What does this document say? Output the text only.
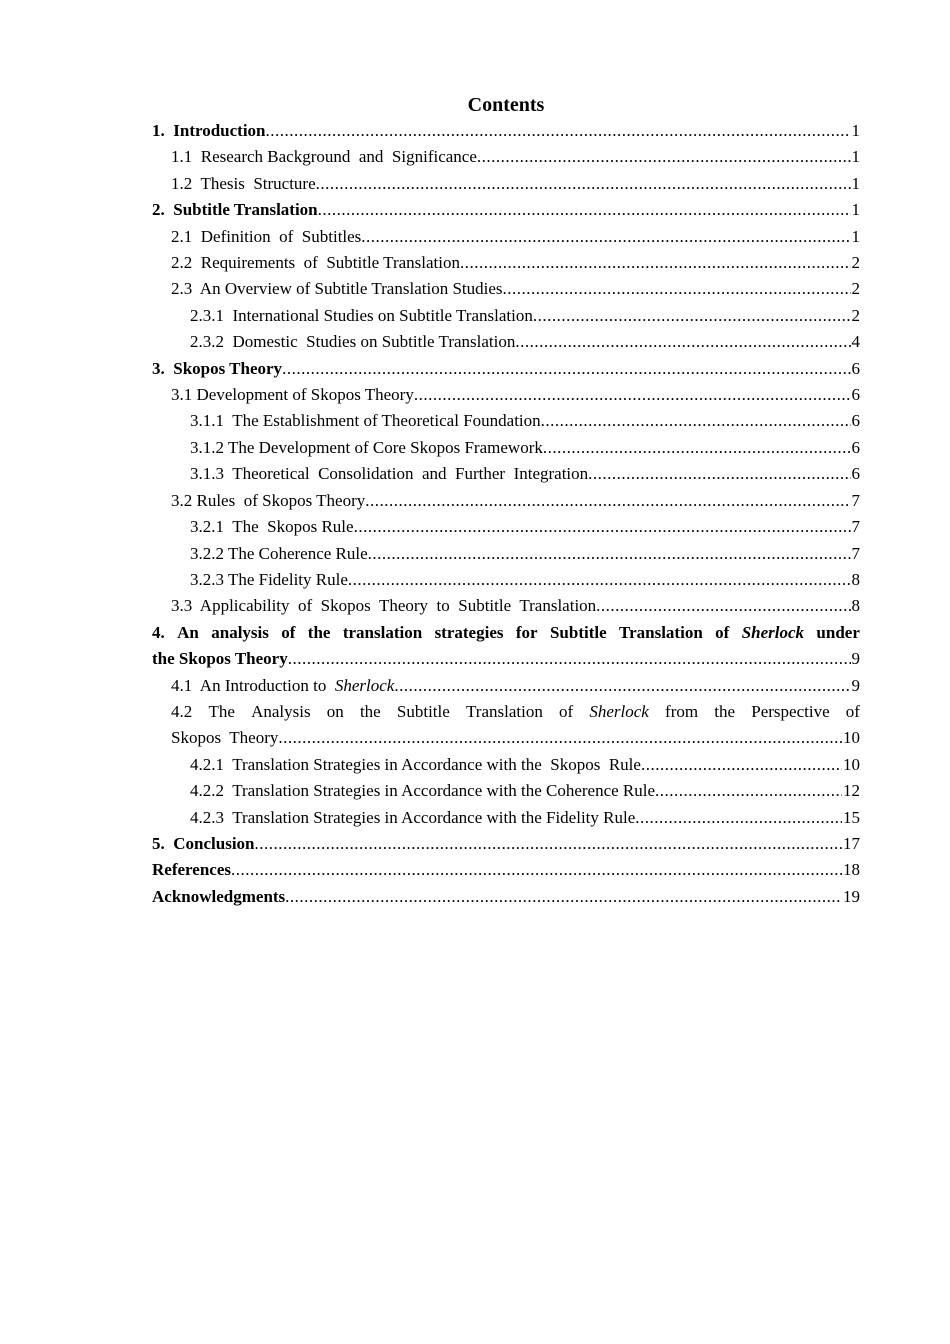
Contents
1.  Introduction .....	1
1.1  Research Background  and  Significance .....	1
1.2  Thesis  Structure .....	1
2.  Subtitle Translation .....	1
2.1  Definition  of  Subtitles .....	1
2.2  Requirements  of  Subtitle Translation .....	2
2.3  An Overview of Subtitle Translation Studies .....	2
2.3.1  International Studies on Subtitle Translation .....	2
2.3.2  Domestic  Studies on Subtitle Translation .....	4
3.  Skopos Theory .....	6
3.1 Development of Skopos Theory .....	6
3.1.1  The Establishment of Theoretical Foundation .....	6
3.1.2 The Development of Core Skopos Framework .....	6
3.1.3  Theoretical  Consolidation  and  Further  Integration .....	6
3.2 Rules  of Skopos Theory .....	7
3.2.1  The  Skopos Rule .....	7
3.2.2 The Coherence Rule .....	7
3.2.3 The Fidelity Rule .....	8
3.3  Applicability  of  Skopos  Theory  to  Subtitle  Translation .....	8
4. An analysis of the translation strategies for Subtitle Translation of Sherlock under
the Skopos Theory .....	9
4.1  An Introduction to  Sherlock .....	9
4.2 The Analysis on the Subtitle Translation of Sherlock from the Perspective of
Skopos  Theory .....	10
4.2.1  Translation Strategies in Accordance with the  Skopos  Rule .....	10
4.2.2  Translation Strategies in Accordance with the Coherence Rule .....	12
4.2.3  Translation Strategies in Accordance with the Fidelity Rule .....	15
5.  Conclusion .....	17
References .....	18
Acknowledgments .....	19
